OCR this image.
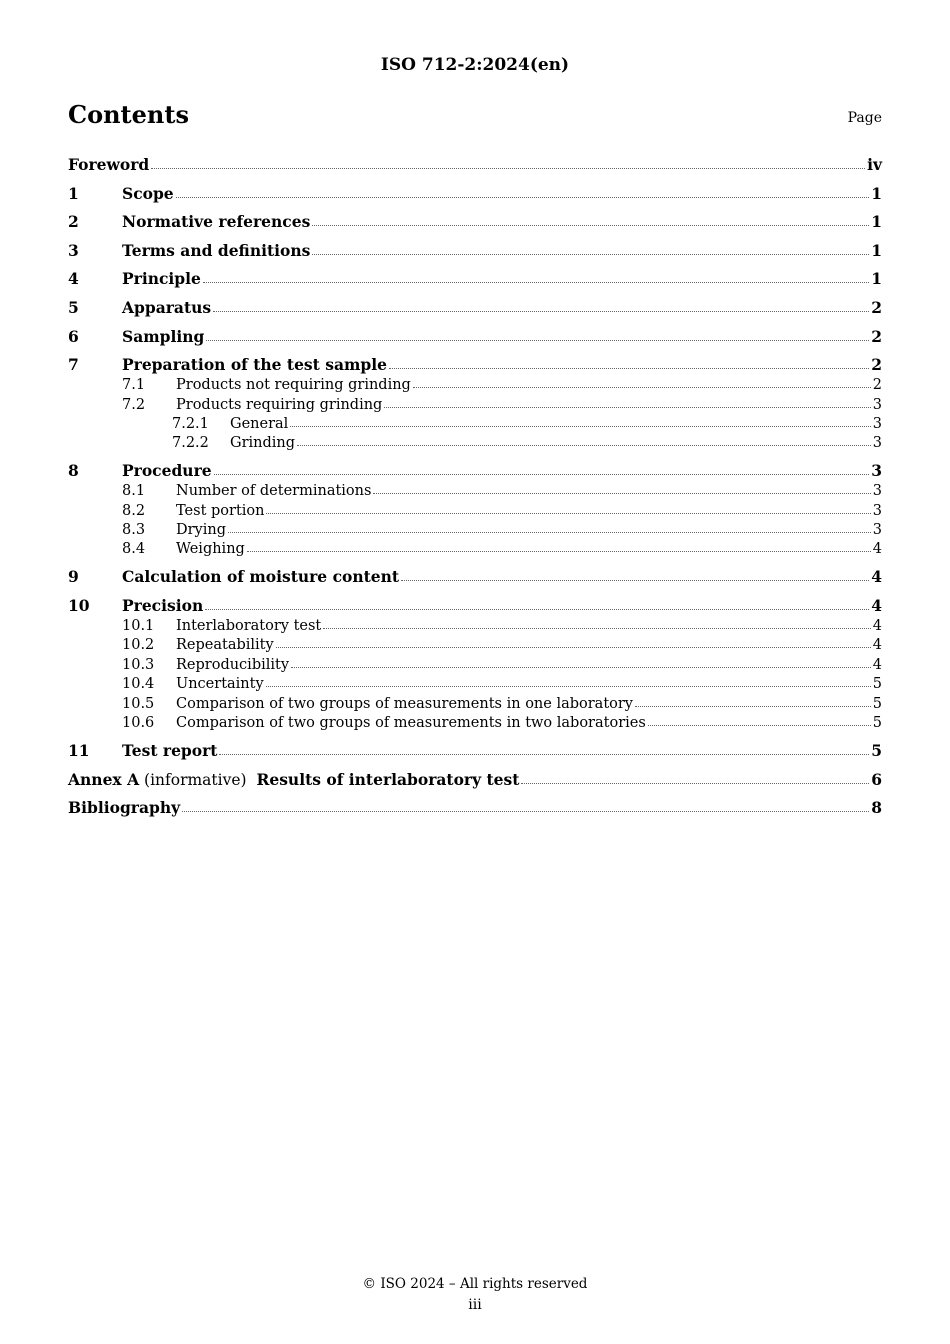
ISO 712-2:2024(en)
Contents	Page
Foreword	iv
1	Scope	1
2	Normative references	1
3	Terms and definitions	1
4	Principle	1
5	Apparatus	2
6	Sampling	2
7	Preparation of the test sample	2
7.1	Products not requiring grinding	2
7.2	Products requiring grinding	3
7.2.1	General	3
7.2.2	Grinding	3
8	Procedure	3
8.1	Number of determinations	3
8.2	Test portion	3
8.3	Drying	3
8.4	Weighing	4
9	Calculation of moisture content	4
10	Precision	4
10.1	Interlaboratory test	4
10.2	Repeatability	4
10.3	Reproducibility	4
10.4	Uncertainty	5
10.5	Comparison of two groups of measurements in one laboratory	5
10.6	Comparison of two groups of measurements in two laboratories	5
11	Test report	5
Annex A (informative)  Results of interlaboratory test	6
Bibliography	8
© ISO 2024 – All rights reserved
iii
